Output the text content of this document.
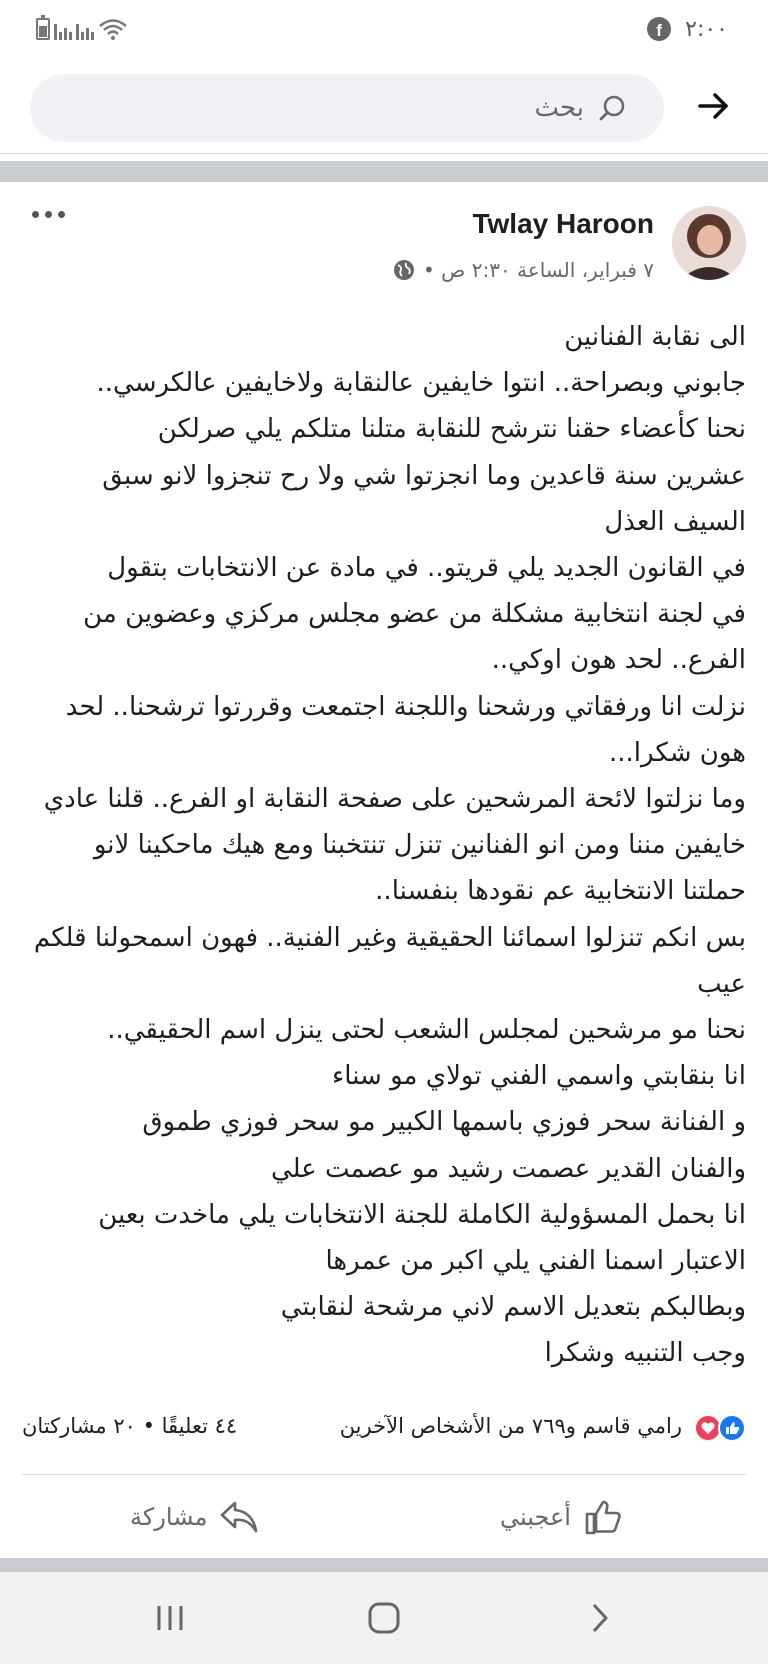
f	٢:٠٠
بحث
Twlay Haroon
٧ فبراير، الساعة ٢:٣٠ ص •

الى نقابة الفنانين

جابوني وبصراحة.. انتوا خايفين عالنقابة ولاخايفين عالكرسي..

نحنا كأعضاء حقنا نترشح للنقابة متلنا متلكم يلي صرلكن

عشرين سنة قاعدين وما انجزتوا شي ولا رح تنجزوا لانو سبق السيف العذل

في القانون الجديد يلي قريتو.. في مادة عن الانتخابات بتقول

في لجنة انتخابية مشكلة من عضو مجلس مركزي وعضوين من الفرع.. لحد هون اوكي..

نزلت انا ورفقاتي ورشحنا واللجنة اجتمعت وقررتوا ترشحنا.. لحد هون شكرا...

وما نزلتوا لائحة المرشحين على صفحة النقابة او الفرع.. قلنا عادي خايفين مننا ومن انو الفنانين تنزل تنتخبنا ومع هيك ماحكينا لانو حملتنا الانتخابية عم نقودها بنفسنا..

بس انكم تنزلوا اسمائنا الحقيقية وغير الفنية.. فهون اسمحولنا قلكم عيب

نحنا مو مرشحين لمجلس الشعب لحتى ينزل اسم الحقيقي..

انا بنقابتي واسمي الفني تولاي مو سناء

و الفنانة سحر فوزي باسمها الكبير مو سحر فوزي طموق

والفنان القدير عصمت رشيد مو عصمت علي

انا بحمل المسؤولية الكاملة للجنة الانتخابات يلي ماخدت بعين الاعتبار اسمنا الفني يلي اكبر من عمرها

وبطالبكم بتعديل الاسم لاني مرشحة لنقابتي

وجب التنبيه وشكرا

رامي قاسم و٧٦٩ من الأشخاص الآخرين
٤٤ تعليقًا • ٢٠ مشاركتان
أعجبني
مشاركة
